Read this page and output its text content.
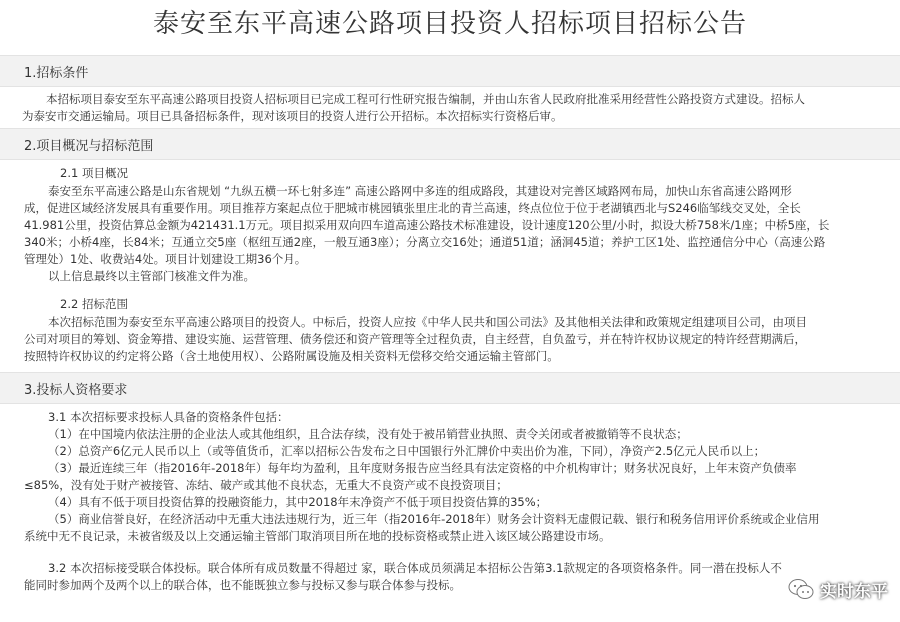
泰安至东平高速公路项目投资人招标项目招标公告
1.招标条件
本招标项目泰安至东平高速公路项目投资人招标项目已完成工程可行性研究报告编制，并由山东省人民政府批准采用经营性公路投资方式建设。招标人
为泰安市交通运输局。项目已具备招标条件，现对该项目的投资人进行公开招标。本次招标实行资格后审。
2.项目概况与招标范围
2.1 项目概况
泰安至东平高速公路是山东省规划 “九纵五横一环七射多连” 高速公路网中多连的组成路段，其建设对完善区域路网布局，加快山东省高速公路网形
成，促进区域经济发展具有重要作用。项目推荐方案起点位于肥城市桃园镇张里庄北的青兰高速，终点位位于位于老湖镇西北与S246临邹线交叉处，全长
41.981公里，投资估算总金额为421431.1万元。项目拟采用双向四车道高速公路技术标准建设，设计速度120公里/小时，拟设大桥758米/1座；中桥5座，长
340米；小桥4座，长84米；互通立交5座（枢纽互通2座，一般互通3座）；分离立交16处；通道51道；涵洞45道；养护工区1处、监控通信分中心（高速公路
管理处）1处、收费站4处。项目计划建设工期36个月。
以上信息最终以主管部门核准文件为准。
2.2 招标范围
本次招标范围为泰安至东平高速公路项目的投资人。中标后，投资人应按《中华人民共和国公司法》及其他相关法律和政策规定组建项目公司，由项目
公司对项目的筹划、资金筹措、建设实施、运营管理、债务偿还和资产管理等全过程负责，自主经营，自负盈亏，并在特许权协议规定的特许经营期满后，
按照特许权协议的约定将公路（含土地使用权）、公路附属设施及相关资料无偿移交给交通运输主管部门。
3.投标人资格要求
3.1 本次招标要求投标人具备的资格条件包括：
（1）在中国境内依法注册的企业法人或其他组织，且合法存续，没有处于被吊销营业执照、责令关闭或者被撤销等不良状态；
（2）总资产6亿元人民币以上（或等值货币，汇率以招标公告发布之日中国银行外汇牌价中卖出价为准，下同），净资产2.5亿元人民币以上；
（3）最近连续三年（指2016年-2018年）每年均为盈利，且年度财务报告应当经具有法定资格的中介机构审计；财务状况良好，上年末资产负债率
≤85%，没有处于财产被接管、冻结、破产或其他不良状态，无重大不良资产或不良投资项目；
（4）具有不低于项目投资估算的投融资能力，其中2018年末净资产不低于项目投资估算的35%；
（5）商业信誉良好，在经济活动中无重大违法违规行为，近三年（指2016年-2018年）财务会计资料无虚假记载、银行和税务信用评价系统或企业信用
系统中无不良记录，未被省级及以上交通运输主管部门取消项目所在地的投标资格或禁止进入该区域公路建设市场。
3.2 本次招标接受联合体投标。联合体所有成员数量不得超过 家，联合体成员须满足本招标公告第3.1款规定的各项资格条件。同一潜在投标人不
能同时参加两个及两个以上的联合体，也不能既独立参与投标又参与联合体参与投标。	实时东平
